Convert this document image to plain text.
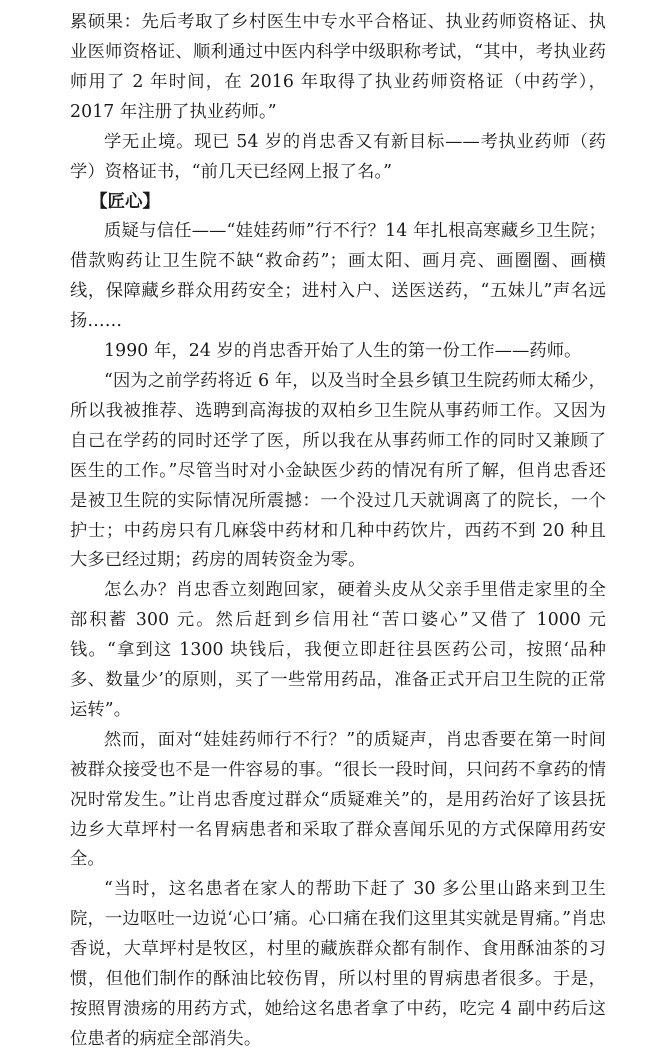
累硕果：先后考取了乡村医生中专水平合格证、执业药师资格证、执业医师资格证、顺利通过中医内科学中级职称考试，“其中，考执业药师用了 2 年时间，在 2016 年取得了执业药师资格证（中药学），2017 年注册了执业药师。”

学无止境。现已 54 岁的肖忠香又有新目标——考执业药师（药学）资格证书，“前几天已经网上报了名。”

【匠心】

质疑与信任——“娃娃药师”行不行？14 年扎根高寒藏乡卫生院；借款购药让卫生院不缺“救命药”；画太阳、画月亮、画圈圈、画横线，保障藏乡群众用药安全；进村入户、送医送药，“五妹儿”声名远扬……

1990 年，24 岁的肖忠香开始了人生的第一份工作——药师。

“因为之前学药将近 6 年，以及当时全县乡镇卫生院药师太稀少，所以我被推荐、选聘到高海拔的双柏乡卫生院从事药师工作。又因为自己在学药的同时还学了医，所以我在从事药师工作的同时又兼顾了医生的工作。”尽管当时对小金缺医少药的情况有所了解，但肖忠香还是被卫生院的实际情况所震撼：一个没过几天就调离了的院长，一个护士；中药房只有几麻袋中药材和几种中药饮片，西药不到 20 种且大多已经过期；药房的周转资金为零。

怎么办？肖忠香立刻跑回家，硬着头皮从父亲手里借走家里的全部积蓄 300 元。然后赶到乡信用社“苦口婆心”又借了 1000 元钱。“拿到这 1300 块钱后，我便立即赶往县医药公司，按照‘品种多、数量少’的原则，买了一些常用药品，准备正式开启卫生院的正常运转”。

然而，面对“娃娃药师行不行？”的质疑声，肖忠香要在第一时间被群众接受也不是一件容易的事。“很长一段时间，只问药不拿药的情况时常发生。”让肖忠香度过群众“质疑难关”的，是用药治好了该县抚边乡大草坪村一名胃病患者和采取了群众喜闻乐见的方式保障用药安全。

“当时，这名患者在家人的帮助下赶了 30 多公里山路来到卫生院，一边呕吐一边说‘心口’痛。心口痛在我们这里其实就是胃痛。”肖忠香说，大草坪村是牧区，村里的藏族群众都有制作、食用酥油茶的习惯，但他们制作的酥油比较伤胃，所以村里的胃病患者很多。于是，按照胃溃疡的用药方式，她给这名患者拿了中药，吃完 4 副中药后这位患者的病症全部消失。
